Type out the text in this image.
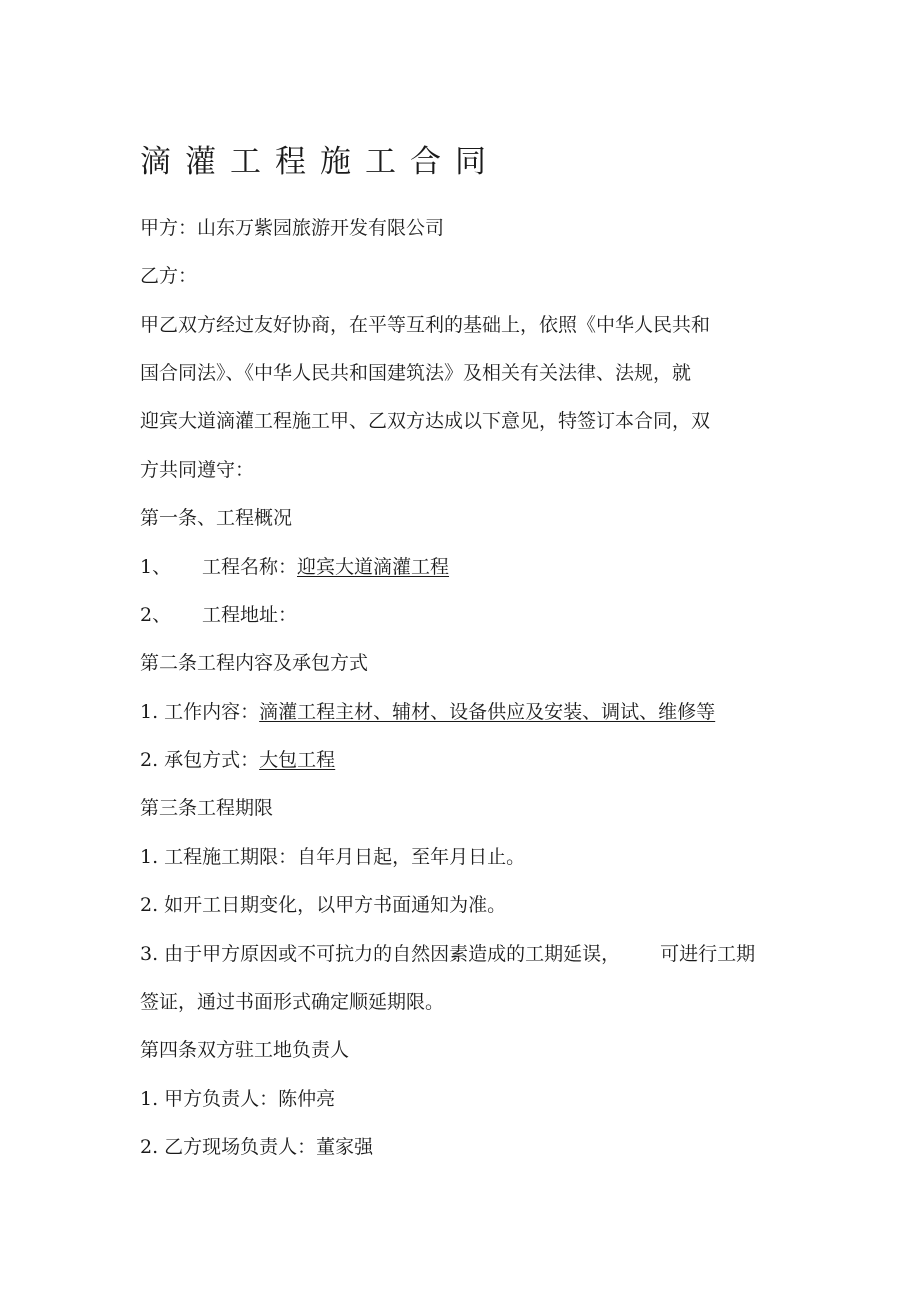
滴灌工程施工合同
甲方：山东万紫园旅游开发有限公司
乙方：
甲乙双方经过友好协商，在平等互利的基础上，依照《中华人民共和
国合同法》、《中华人民共和国建筑法》及相关有关法律、法规，就
迎宾大道滴灌工程施工甲、乙双方达成以下意见，特签订本合同，双
方共同遵守：
第一条、工程概况
1、 工程名称：迎宾大道滴灌工程
2、 工程地址：
第二条工程内容及承包方式
1. 工作内容：滴灌工程主材、辅材、设备供应及安装、调试、维修等
2. 承包方式：大包工程
第三条工程期限
1. 工程施工期限：自年月日起，至年月日止。
2. 如开工日期变化，以甲方书面通知为准。
3. 由于甲方原因或不可抗力的自然因素造成的工期延误， 可进行工期
签证，通过书面形式确定顺延期限。
第四条双方驻工地负责人
1. 甲方负责人：陈仲亮
2. 乙方现场负责人：董家强
